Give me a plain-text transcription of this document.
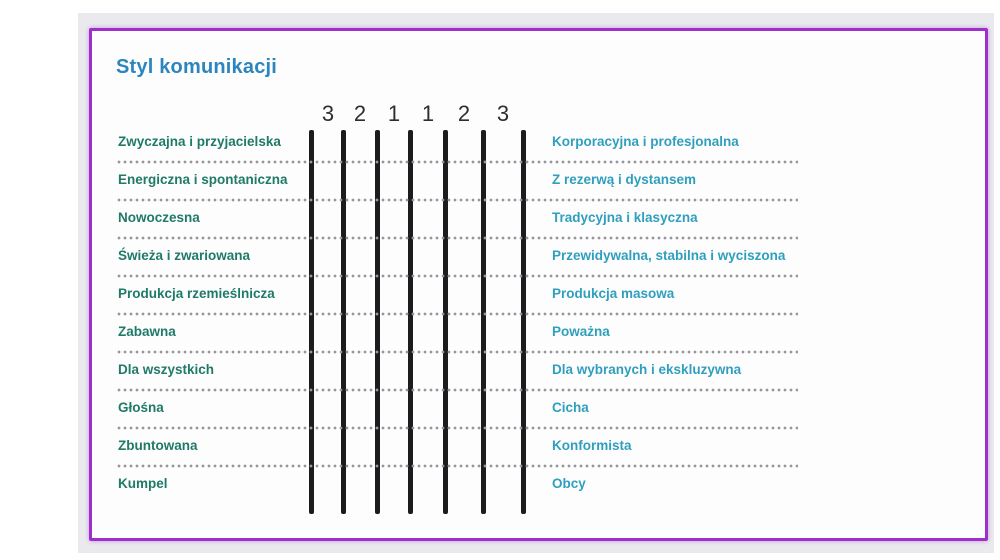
Styl komunikacji
3 2 1 1 2 3
Zwyczajna i przyjacielska	Korporacyjna i profesjonalna
Energiczna i spontaniczna	Z rezerwą i dystansem
Nowoczesna	Tradycyjna i klasyczna
Świeża i zwariowana	Przewidywalna, stabilna i wyciszona
Produkcja rzemieślnicza	Produkcja masowa
Zabawna	Poważna
Dla wszystkich	Dla wybranych i ekskluzywna
Głośna	Cicha
Zbuntowana	Konformista
Kumpel	Obcy
